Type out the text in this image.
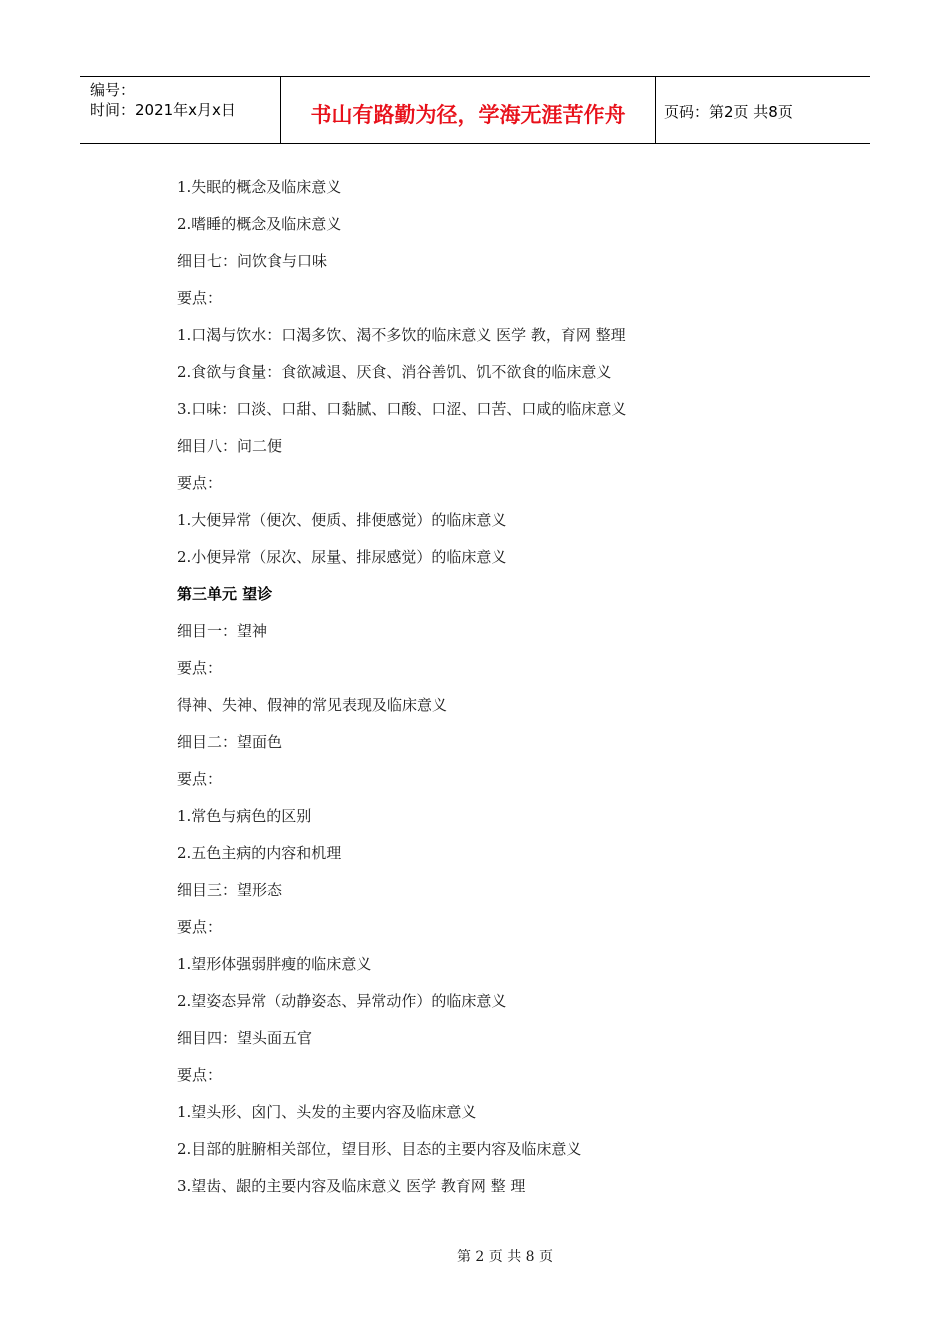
编号：
时间：2021年x月x日	书山有路勤为径，学海无涯苦作舟	页码：第2页 共8页
1.失眠的概念及临床意义
2.嗜睡的概念及临床意义
细目七：问饮食与口味
要点：
1.口渴与饮水：口渴多饮、渴不多饮的临床意义 医学 教，育网 整理
2.食欲与食量：食欲减退、厌食、消谷善饥、饥不欲食的临床意义
3.口味：口淡、口甜、口黏腻、口酸、口涩、口苦、口咸的临床意义
细目八：问二便
要点：
1.大便异常（便次、便质、排便感觉）的临床意义
2.小便异常（尿次、尿量、排尿感觉）的临床意义
第三单元 望诊
细目一：望神
要点：
得神、失神、假神的常见表现及临床意义
细目二：望面色
要点：
1.常色与病色的区别
2.五色主病的内容和机理
细目三：望形态
要点：
1.望形体强弱胖瘦的临床意义
2.望姿态异常（动静姿态、异常动作）的临床意义
细目四：望头面五官
要点：
1.望头形、囟门、头发的主要内容及临床意义
2.目部的脏腑相关部位，望目形、目态的主要内容及临床意义
3.望齿、龈的主要内容及临床意义 医学 教育网 整 理
第 2 页 共 8 页
